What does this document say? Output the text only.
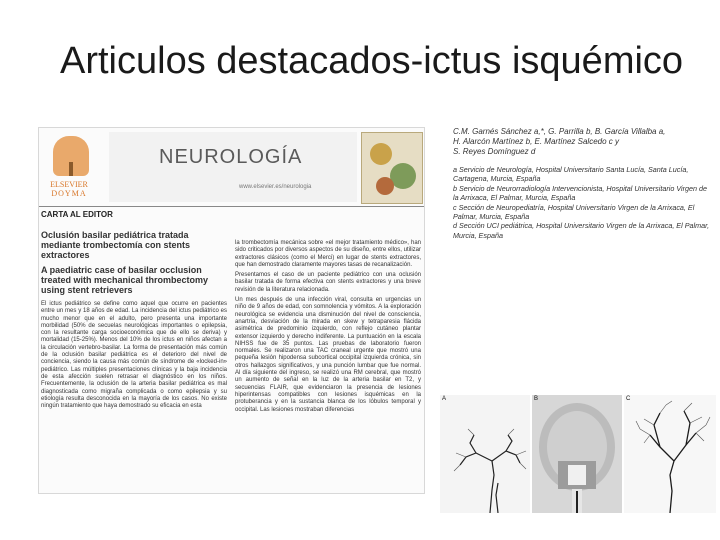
Articulos destacados-ictus isquémico
ELSEVIER
DOYMA
NEUROLOGÍA
www.elsevier.es/neurologia
CARTA AL EDITOR
Oclusión basilar pediátrica tratada mediante trombectomía con stents extractores
A paediatric case of basilar occlusion treated with mechanical thrombectomy using stent retrievers
El ictus pediátrico se define como aquel que ocurre en pacientes entre un mes y 18 años de edad. La incidencia del ictus pediátrico es mucho menor que en el adulto, pero presenta una importante morbilidad (50% de secuelas neurológicas importantes o epilepsia, con la resultante carga socioeconómica que de ello se deriva) y mortalidad (15-25%). Menos del 10% de los ictus en niños afectan a la circulación vertebro-basilar. La forma de presentación más común de la oclusión basilar pediátrica es el deterioro del nivel de conciencia, siendo la causa más común de síndrome de «locked-in» pediátrico. Las múltiples presentaciones clínicas y la baja incidencia de esta afección suelen retrasar el diagnóstico en los niños. Frecuentemente, la oclusión de la arteria basilar pediátrica es mal diagnosticada como migraña complicada o como epilepsia y su etiología resulta desconocida en la mayoría de los casos. No existe ningún tratamiento que haya demostrado su eficacia en esta
la trombectomía mecánica sobre «el mejor tratamiento médico», han sido criticados por diversos aspectos de su diseño, entre ellos, utilizar extractores clásicos (como el Merci) en lugar de stents extractores, que han demostrado claramente mayores tasas de recanalización.
Presentamos el caso de un paciente pediátrico con una oclusión basilar tratada de forma efectiva con stents extractores y una breve revisión de la literatura relacionada.
Un mes después de una infección viral, consulta en urgencias un niño de 9 años de edad, con somnolencia y vómitos. A la exploración neurológica se evidencia una disminución del nivel de consciencia, anartria, desviación de la mirada en skew y tetraparesia flácida asimétrica de predominio izquierdo, con reflejo cutáneo plantar extensor izquierdo y derecho indiferente. La puntuación en la escala NIHSS fue de 35 puntos. Las pruebas de laboratorio fueron normales. Se realizaron una TAC craneal urgente que mostró una pequeña lesión hipodensa subcortical occipital izquierda crónica, sin otros hallazgos significativos, y una punción lumbar que fue normal. Al día siguiente del ingreso, se realizó una RM cerebral, que mostró un aumento de señal en la luz de la arteria basilar en T2, y secuencias FLAIR, que evidenciaron la presencia de lesiones hiperintensas compatibles con lesiones isquémicas en la protuberancia y en la sustancia blanca de los lóbulos temporal y occipital. Las lesiones mostraban diferencias
C.M. Garnés Sánchez a,*, G. Parrilla b, B. García Villalba a,
H. Alarcón Martínez b, E. Martínez Salcedo c y
S. Reyes Domínguez d
a Servicio de Neurología, Hospital Universitario Santa Lucía, Santa Lucía, Cartagena, Murcia, España
b Servicio de Neurorradiología Intervencionista, Hospital Universitario Virgen de la Arrixaca, El Palmar, Murcia, España
c Sección de Neuropediatría, Hospital Universitario Virgen de la Arrixaca, El Palmar, Murcia, España
d Sección UCI pediátrica, Hospital Universitario Virgen de la Arrixaca, El Palmar, Murcia, España
A	B	C
